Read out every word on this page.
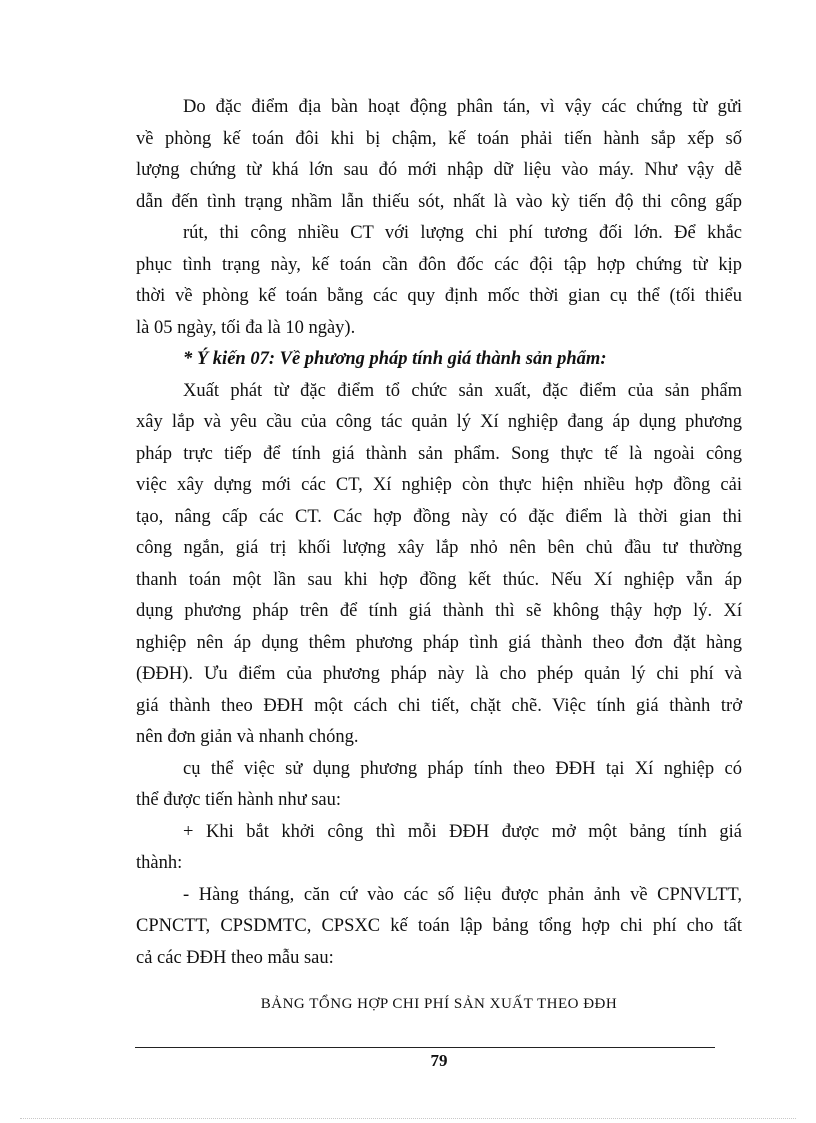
Do đặc điểm địa bàn hoạt động phân tán, vì vậy các chứng từ gửi
về phòng kế toán đôi khi bị chậm, kế toán phải tiến hành sắp xếp số
lượng chứng từ khá lớn sau đó mới nhập dữ liệu vào máy. Như vậy dễ
dẫn đến tình trạng nhầm lẫn thiếu sót, nhất là vào kỳ tiến độ thi công gấp
rút, thi công nhiều CT với lượng chi phí tương đối lớn. Để khắc
phục tình trạng này, kế toán cần đôn đốc các đội tập hợp chứng từ kịp
thời về phòng kế toán bằng các quy định mốc thời gian cụ thể (tối thiểu
là 05 ngày, tối đa là 10 ngày).
* Ý kiến 07: Về phương pháp tính giá thành sản phẩm:
Xuất phát từ đặc điểm tổ chức sản xuất, đặc điểm của sản phẩm
xây lắp và yêu cầu của công tác quản lý Xí nghiệp đang áp dụng phương
pháp trực tiếp để tính giá thành sản phẩm. Song thực tế là ngoài công
việc xây dựng mới các CT, Xí nghiệp còn thực hiện nhiều hợp đồng cải
tạo, nâng cấp các CT. Các hợp đồng này có đặc điểm là thời gian thi
công ngắn, giá trị khối lượng xây lắp nhỏ nên bên chủ đầu tư thường
thanh toán một lần sau khi hợp đồng kết thúc. Nếu Xí nghiệp vẫn áp
dụng phương pháp trên để tính giá thành thì sẽ không thậy hợp lý. Xí
nghiệp nên áp dụng thêm phương pháp tình giá thành theo đơn đặt hàng
(ĐĐH). Ưu điểm của phương pháp này là cho phép quản lý chi phí và
giá thành theo ĐĐH một cách chi tiết, chặt chẽ. Việc tính giá thành trở
nên đơn giản và nhanh chóng.
cụ thể việc sử dụng phương pháp tính theo ĐĐH tại Xí nghiệp có
thể được tiến hành như sau:
+ Khi bắt khởi công thì mỗi ĐĐH được mở một bảng tính giá
thành:
- Hàng tháng, căn cứ vào các số liệu được phản ảnh về CPNVLTT,
CPNCTT, CPSDMTC, CPSXC kế toán lập bảng tổng hợp chi phí cho tất
cả các ĐĐH theo mẫu sau:
BẢNG TỔNG HỢP CHI PHÍ SẢN XUẤT THEO ĐĐH
79
